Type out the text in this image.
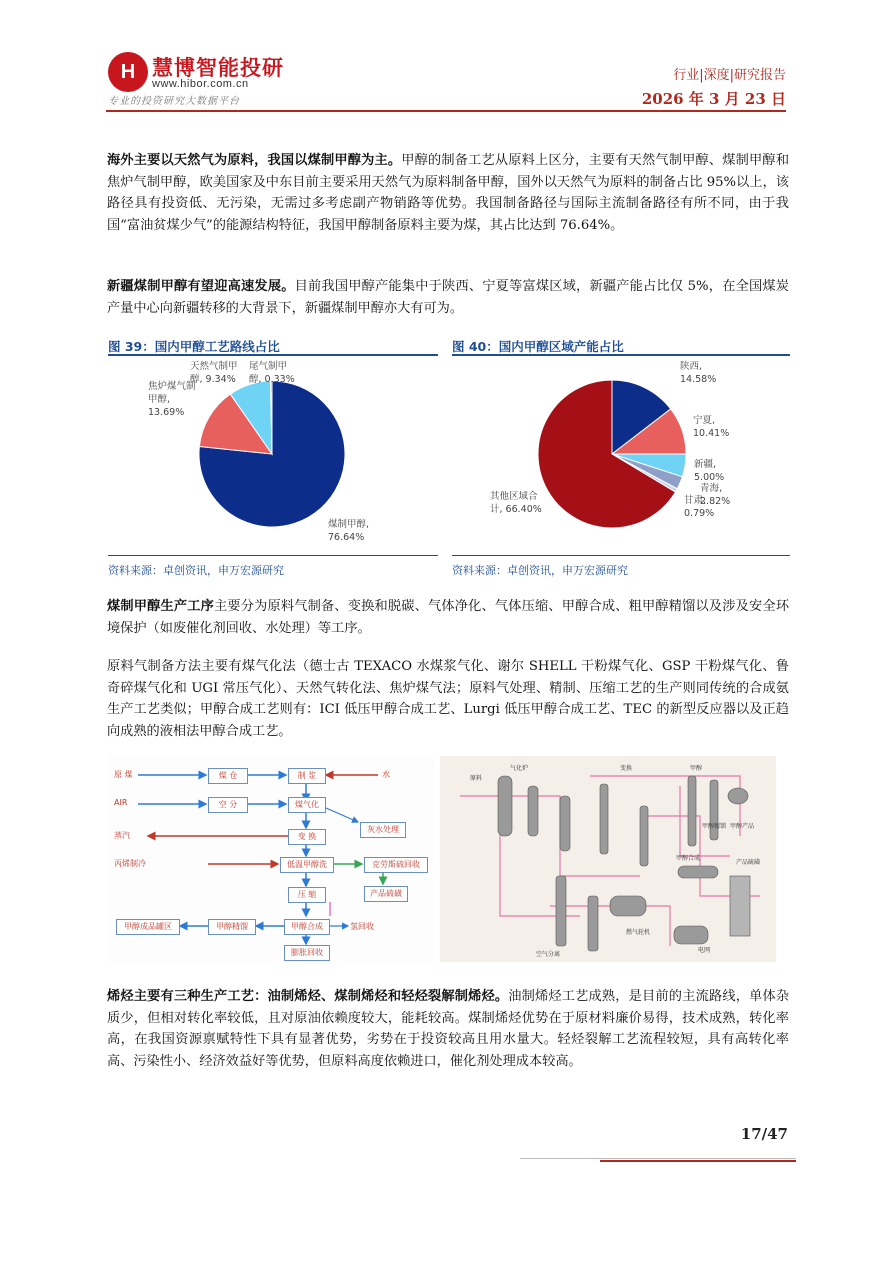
H 慧博智能投研
www.hibor.com.cn
专业的投资研究大数据平台
行业|深度|研究报告
2026 年 3 月 23 日
海外主要以天然气为原料，我国以煤制甲醇为主。甲醇的制备工艺从原料上区分，主要有天然气制甲醇、煤制甲醇和焦炉气制甲醇，欧美国家及中东目前主要采用天然气为原料制备甲醇，国外以天然气为原料的制备占比 95%以上，该路径具有投资低、无污染，无需过多考虑副产物销路等优势。我国制备路径与国际主流制备路径有所不同，由于我国“富油贫煤少气”的能源结构特征，我国甲醇制备原料主要为煤，其占比达到 76.64%。
新疆煤制甲醇有望迎高速发展。目前我国甲醇产能集中于陕西、宁夏等富煤区域，新疆产能占比仅 5%，在全国煤炭产量中心向新疆转移的大背景下，新疆煤制甲醇亦大有可为。
图 39：国内甲醇工艺路线占比
天然气制甲
醇, 9.34%
尾气制甲
醇, 0.33%
焦炉煤气制
甲醇,
13.69%
煤制甲醇,
76.64%
资料来源：卓创资讯，申万宏源研究
图 40：国内甲醇区域产能占比
陕西,
14.58%
宁夏,
10.41%
新疆,
5.00%
青海,
2.82%
甘肃,
0.79%
其他区域合
计, 66.40%
资料来源：卓创资讯，申万宏源研究
煤制甲醇生产工序主要分为原料气制备、变换和脱碳、气体净化、气体压缩、甲醇合成、粗甲醇精馏以及涉及安全环境保护（如废催化剂回收、水处理）等工序。
原料气制备方法主要有煤气化法（德士古 TEXACO 水煤浆气化、谢尔 SHELL 干粉煤气化、GSP 干粉煤气化、鲁奇碎煤气化和 UGI 常压气化）、天然气转化法、焦炉煤气法；原料气处理、精制、压缩工艺的生产则同传统的合成氨生产工艺类似；甲醇合成工艺则有：ICI 低压甲醇合成工艺、Lurgi 低压甲醇合成工艺、TEC 的新型反应器以及正趋向成熟的液相法甲醇合成工艺。
原 煤
AIR
蒸汽
丙烯制冷
水
煤 仓	制 浆
空 分	煤气化
变 换
低温甲醇洗
压 缩
甲醇合成
甲醇精馏
甲醇成品罐区
膨胀回收
灰水处理
克劳斯硫回收
产品硫磺
氢回收
原料
气化炉	变换	甲醇
甲醇精馏 甲醇产品
产品硫磺
甲醇合成
空气分离
燃气轮机
电网
烯烃主要有三种生产工艺：油制烯烃、煤制烯烃和轻烃裂解制烯烃。油制烯烃工艺成熟，是目前的主流路线，单体杂质少，但相对转化率较低，且对原油依赖度较大，能耗较高。煤制烯烃优势在于原材料廉价易得，技术成熟，转化率高，在我国资源禀赋特性下具有显著优势，劣势在于投资较高且用水量大。轻烃裂解工艺流程较短，具有高转化率高、污染性小、经济效益好等优势，但原料高度依赖进口，催化剂处理成本较高。
17/47
